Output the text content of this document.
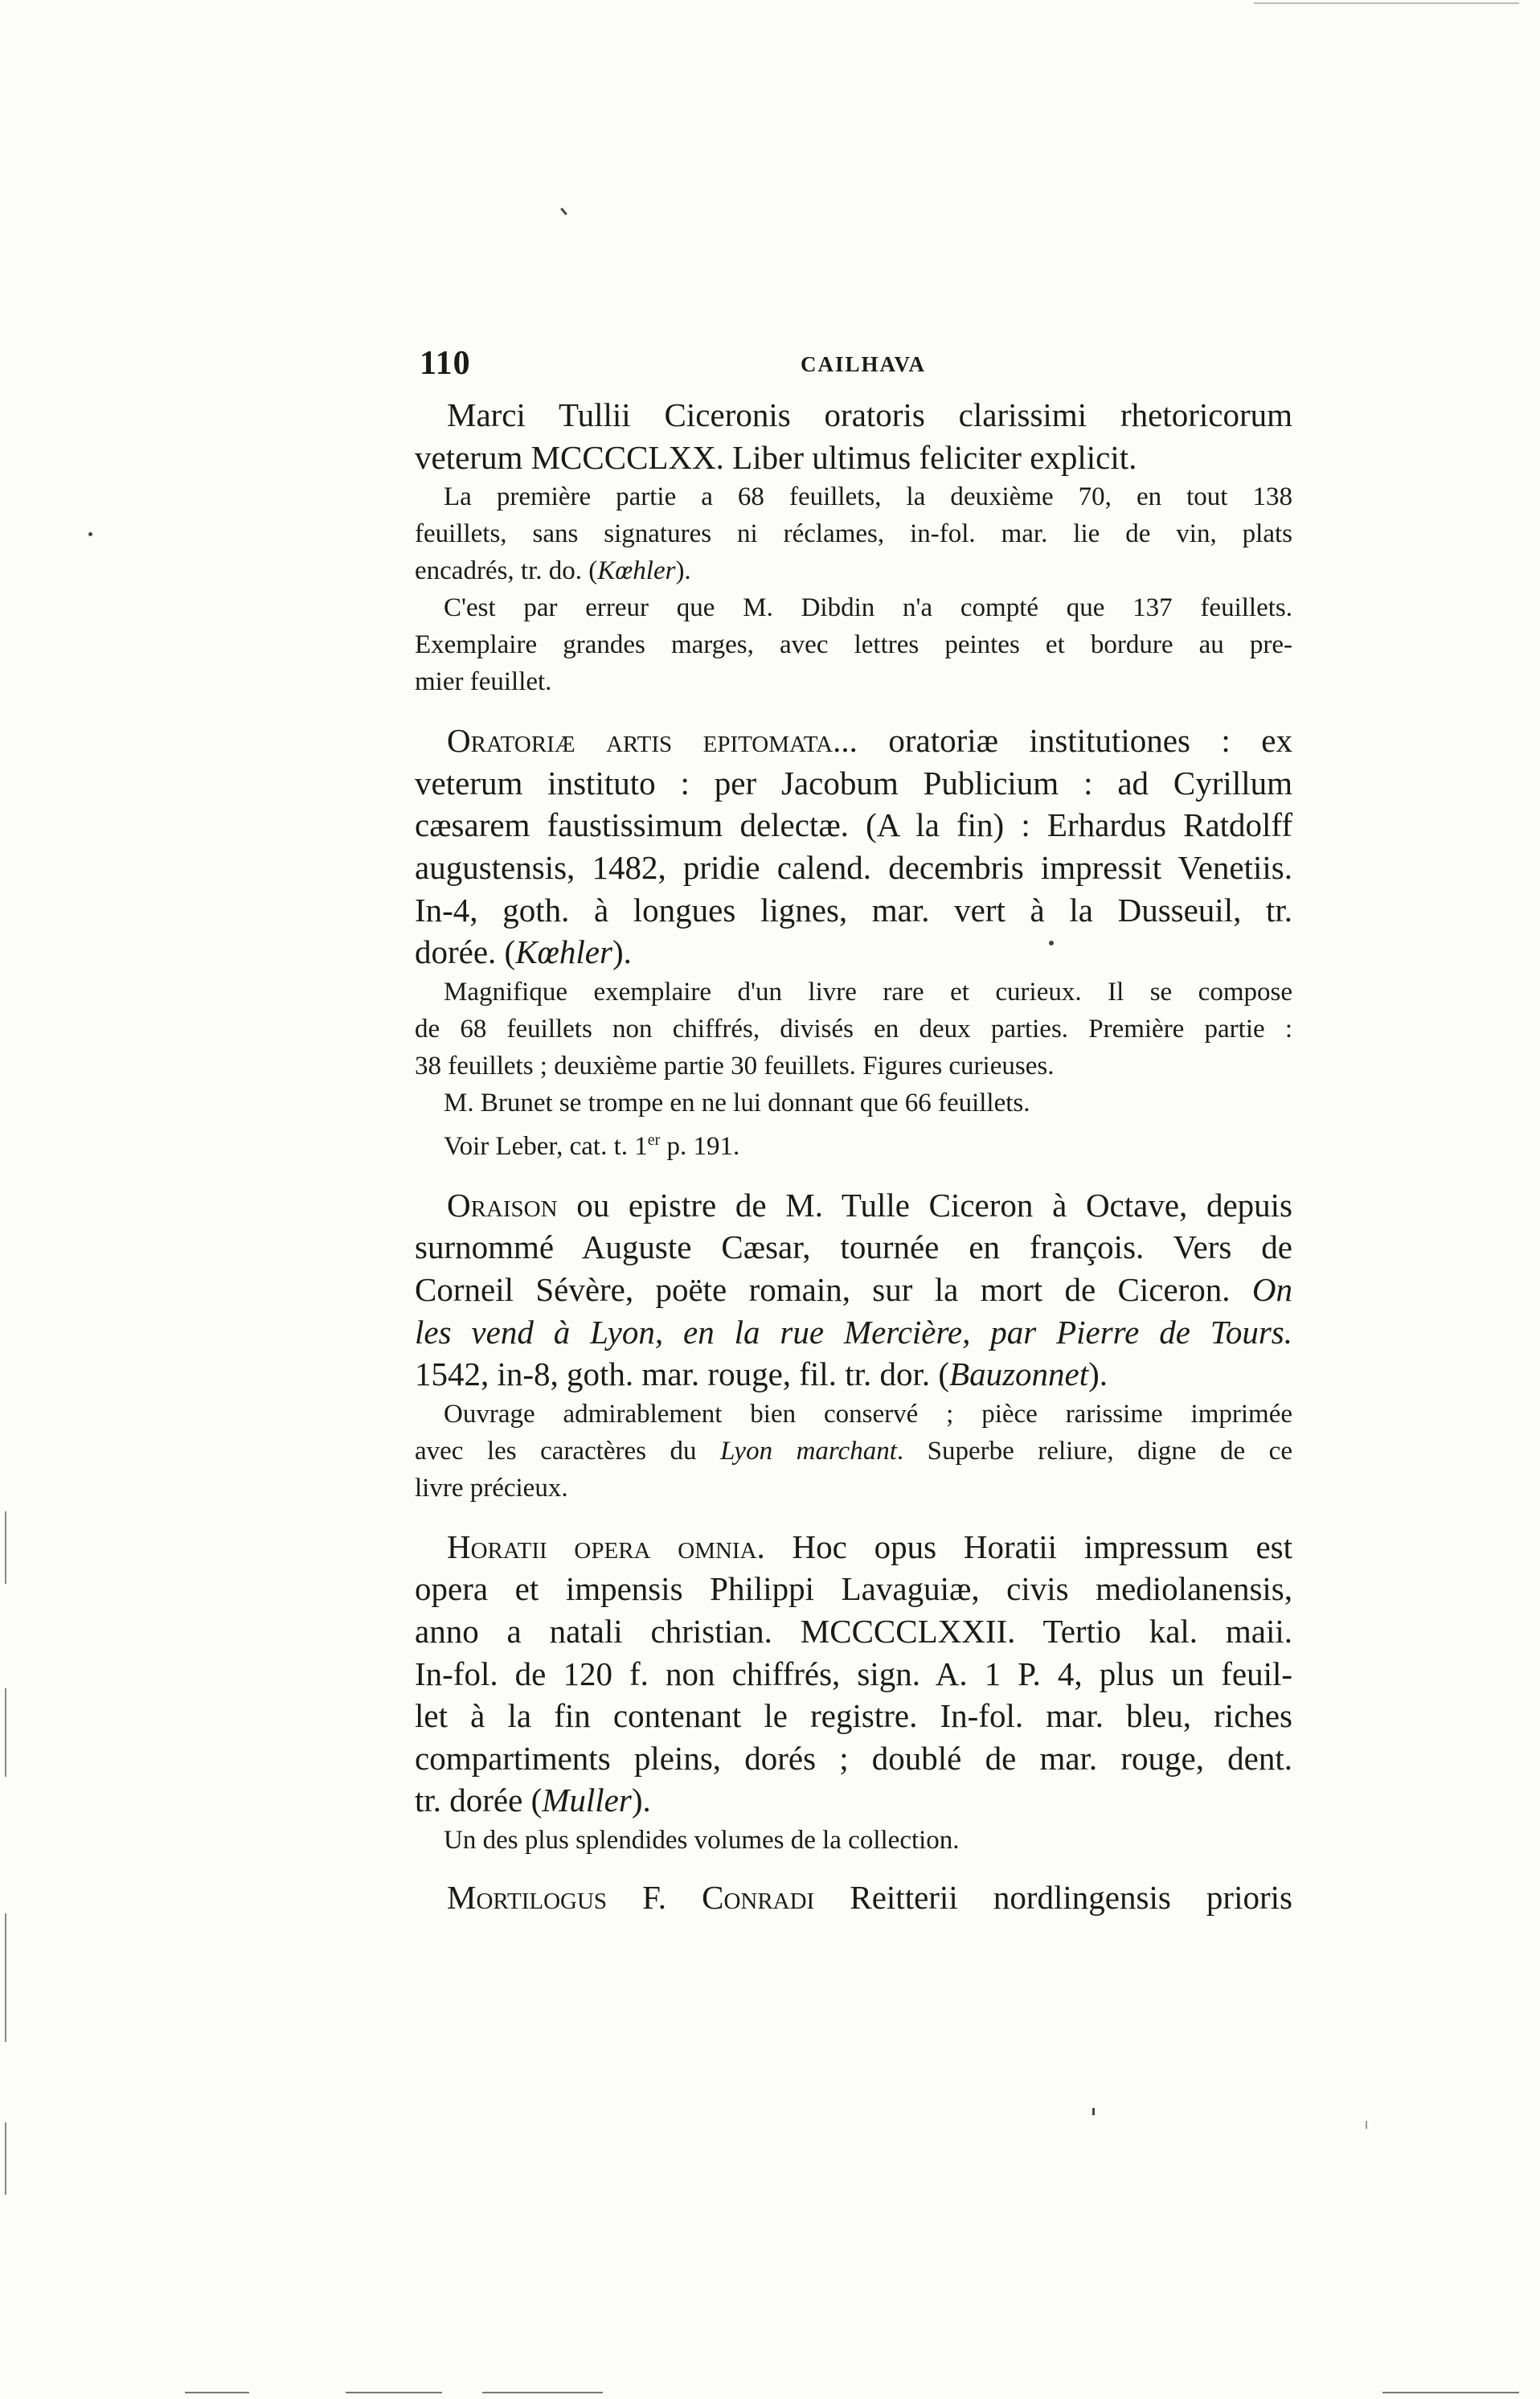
110	CAILHAVA
Marci Tullii Ciceronis oratoris clarissimi rhetoricorum
veterum MCCCCLXX. Liber ultimus feliciter explicit.
La première partie a 68 feuillets, la deuxième 70, en tout 138
feuillets, sans signatures ni réclames, in-fol. mar. lie de vin, plats
encadrés, tr. do. (Kœhler).
C'est par erreur que M. Dibdin n'a compté que 137 feuillets.
Exemplaire grandes marges, avec lettres peintes et bordure au pre-
mier feuillet.
Oratoriæ artis epitomata... oratoriæ institutiones : ex
veterum instituto : per Jacobum Publicium : ad Cyrillum
cæsarem faustissimum delectæ. (A la fin) : Erhardus Ratdolff
augustensis, 1482, pridie calend. decembris impressit Venetiis.
In-4, goth. à longues lignes, mar. vert à la Dusseuil, tr.
dorée. (Kœhler).
Magnifique exemplaire d'un livre rare et curieux. Il se compose
de 68 feuillets non chiffrés, divisés en deux parties. Première partie :
38 feuillets ; deuxième partie 30 feuillets. Figures curieuses.
M. Brunet se trompe en ne lui donnant que 66 feuillets.
Voir Leber, cat. t. 1er p. 191.
Oraison ou epistre de M. Tulle Ciceron à Octave, depuis
surnommé Auguste Cæsar, tournée en françois. Vers de
Corneil Sévère, poëte romain, sur la mort de Ciceron. On
les vend à Lyon, en la rue Mercière, par Pierre de Tours.
1542, in-8, goth. mar. rouge, fil. tr. dor. (Bauzonnet).
Ouvrage admirablement bien conservé ; pièce rarissime imprimée
avec les caractères du Lyon marchant. Superbe reliure, digne de ce
livre précieux.
Horatii opera omnia. Hoc opus Horatii impressum est
opera et impensis Philippi Lavaguiæ, civis mediolanensis,
anno a natali christian. MCCCCLXXII. Tertio kal. maii.
In-fol. de 120 f. non chiffrés, sign. A. 1 P. 4, plus un feuil-
let à la fin contenant le registre. In-fol. mar. bleu, riches
compartiments pleins, dorés ; doublé de mar. rouge, dent.
tr. dorée (Muller).
Un des plus splendides volumes de la collection.
Mortilogus F. Conradi Reitterii nordlingensis prioris
